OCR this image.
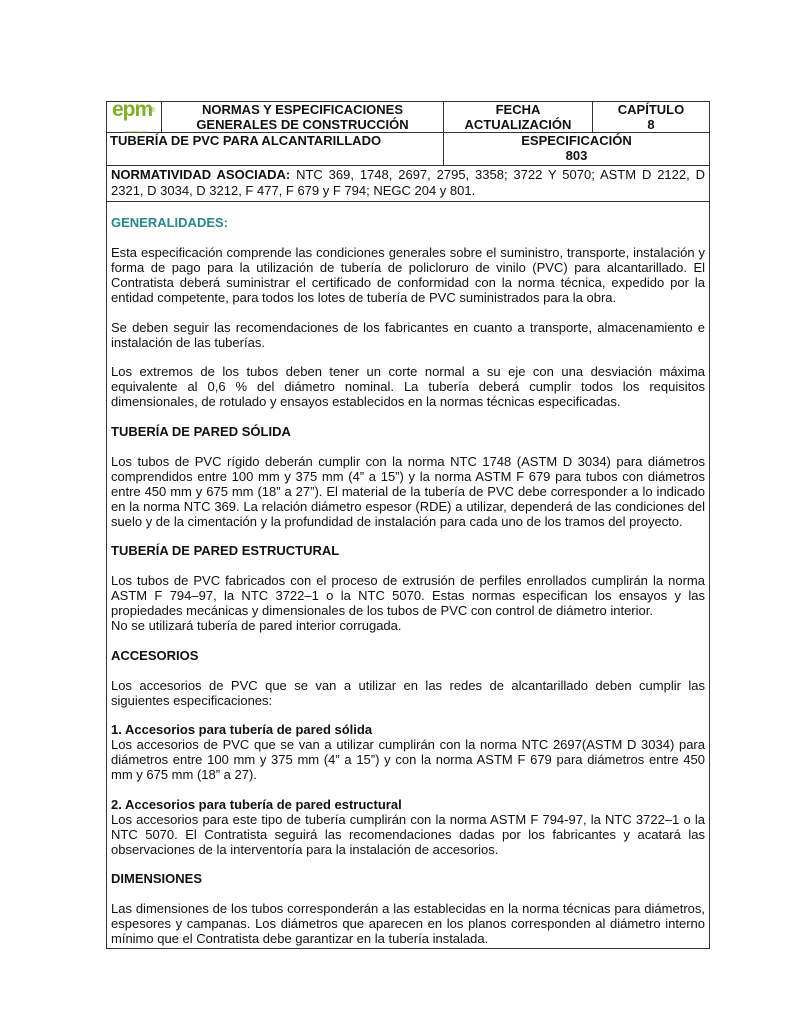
epm
®
estamos ahí
NORMAS Y ESPECIFICACIONES
GENERALES DE CONSTRUCCIÓN
FECHA
ACTUALIZACIÓN
CAPÍTULO
8
TUBERÍA DE PVC PARA ALCANTARILLADO	ESPECIFICACIÓN
803
NORMATIVIDAD ASOCIADA: NTC 369, 1748, 2697, 2795, 3358; 3722 Y 5070; ASTM D 2122, D 2321, D 3034, D 3212, F 477, F 679 y F 794; NEGC 204 y 801.
GENERALIDADES:

Esta especificación comprende las condiciones generales sobre el suministro, transporte, instalación y forma de pago para la utilización de tubería de policloruro de vinilo (PVC) para alcantarillado. El Contratista deberá suministrar el certificado de conformidad con la norma técnica, expedido por la entidad competente, para todos los lotes de tubería de PVC suministrados para la obra.

Se deben seguir las recomendaciones de los fabricantes en cuanto a transporte, almacenamiento e instalación de las tuberías.

Los extremos de los tubos deben tener un corte normal a su eje con una desviación máxima equivalente al 0,6 % del diámetro nominal. La tubería deberá cumplir todos los requisitos dimensionales, de rotulado y ensayos establecidos en la normas técnicas especificadas.

TUBERÍA DE PARED SÓLIDA

Los tubos de PVC rígido deberán cumplir con la norma NTC 1748 (ASTM D 3034) para diámetros comprendidos entre 100 mm y 375 mm (4” a 15”) y la norma ASTM F 679 para tubos con diámetros entre 450 mm y 675 mm (18” a 27”). El material de la tubería de PVC debe corresponder a lo indicado en la norma NTC 369. La relación diámetro espesor (RDE) a utilizar, dependerá de las condiciones del suelo y de la cimentación y la profundidad de instalación para cada uno de los tramos del proyecto.

TUBERÍA DE PARED ESTRUCTURAL

Los tubos de PVC fabricados con el proceso de extrusión de perfiles enrollados cumplirán la norma ASTM F 794–97, la NTC 3722–1 o la NTC 5070. Estas normas especifican los ensayos y las propiedades mecánicas y dimensionales de los tubos de PVC con control de diámetro interior.

No se utilizará tubería de pared interior corrugada.

ACCESORIOS

Los accesorios de PVC que se van a utilizar en las redes de alcantarillado deben cumplir las siguientes especificaciones:

1. Accesorios para tubería de pared sólida

Los accesorios de PVC que se van a utilizar cumplirán con la norma NTC 2697(ASTM D 3034) para diámetros entre 100 mm y 375 mm (4” a 15”) y con la norma ASTM F 679 para diámetros entre 450 mm y 675 mm (18” a 27).

2. Accesorios para tubería de pared estructural

Los accesorios para este tipo de tubería cumplirán con la norma ASTM F 794-97, la NTC 3722–1 o la NTC 5070. El Contratista seguirá las recomendaciones dadas por los fabricantes y acatará las observaciones de la interventoría para la instalación de accesorios.

DIMENSIONES

Las dimensiones de los tubos corresponderán a las establecidas en la norma técnicas para diámetros, espesores y campanas. Los diámetros que aparecen en los planos corresponden al diámetro interno mínimo que el Contratista debe garantizar en la tubería instalada.
